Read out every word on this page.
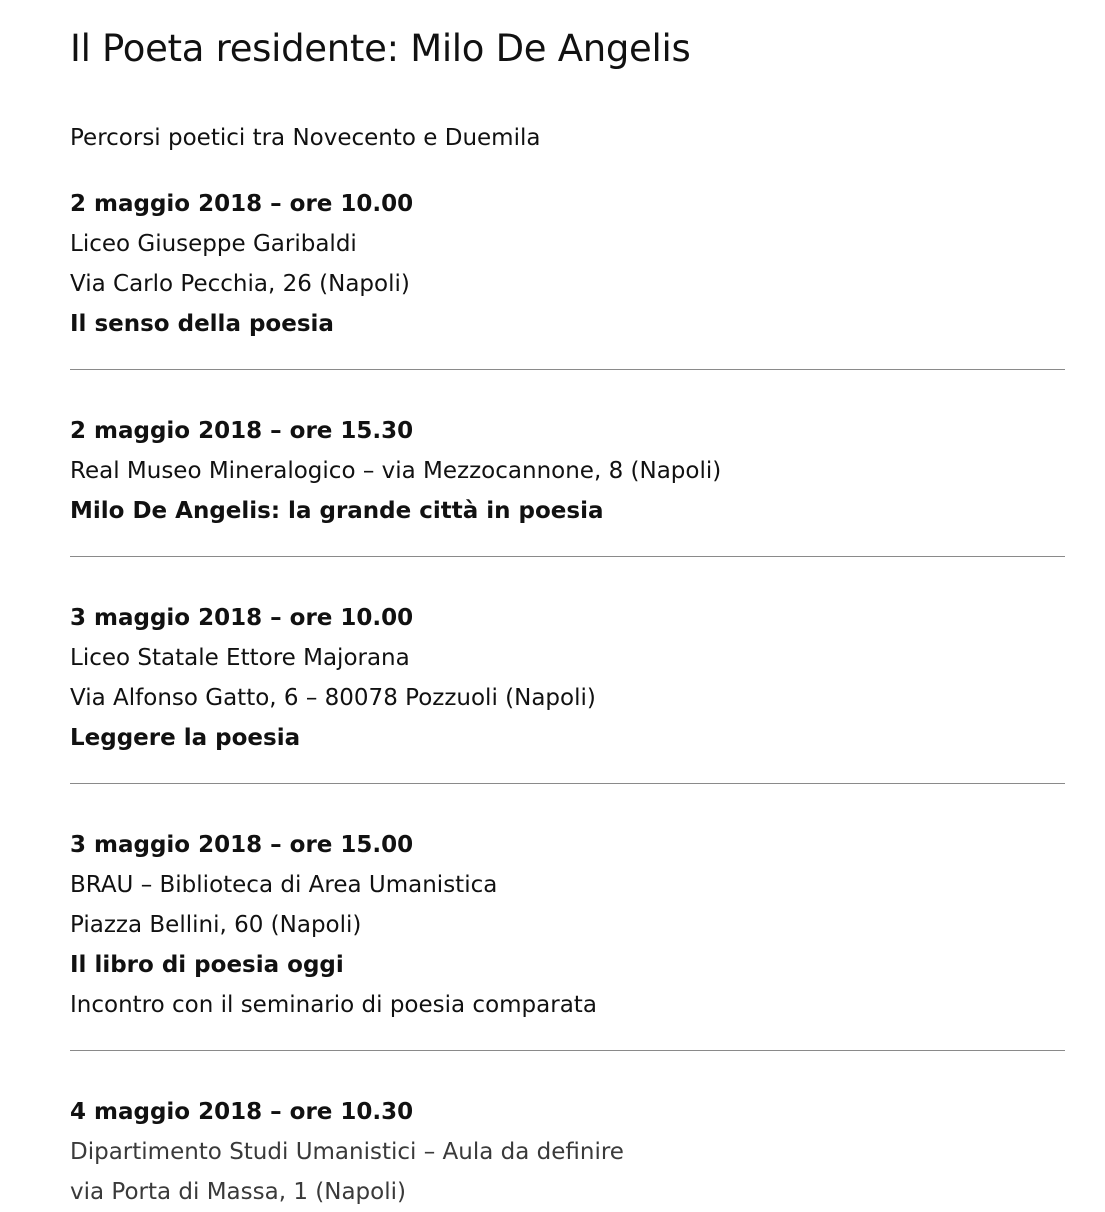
Il Poeta residente: Milo De Angelis
Percorsi poetici tra Novecento e Duemila
2 maggio 2018 – ore 10.00
Liceo Giuseppe Garibaldi
Via Carlo Pecchia, 26 (Napoli)
Il senso della poesia
2 maggio 2018 – ore 15.30
Real Museo Mineralogico – via Mezzocannone, 8 (Napoli)
Milo De Angelis: la grande città in poesia
3 maggio 2018 – ore 10.00
Liceo Statale Ettore Majorana
Via Alfonso Gatto, 6 – 80078 Pozzuoli (Napoli)
Leggere la poesia
3 maggio 2018 – ore 15.00
BRAU – Biblioteca di Area Umanistica
Piazza Bellini, 60 (Napoli)
Il libro di poesia oggi
Incontro con il seminario di poesia comparata
4 maggio 2018 – ore 10.30
Dipartimento Studi Umanistici – Aula da definire
via Porta di Massa, 1 (Napoli)
